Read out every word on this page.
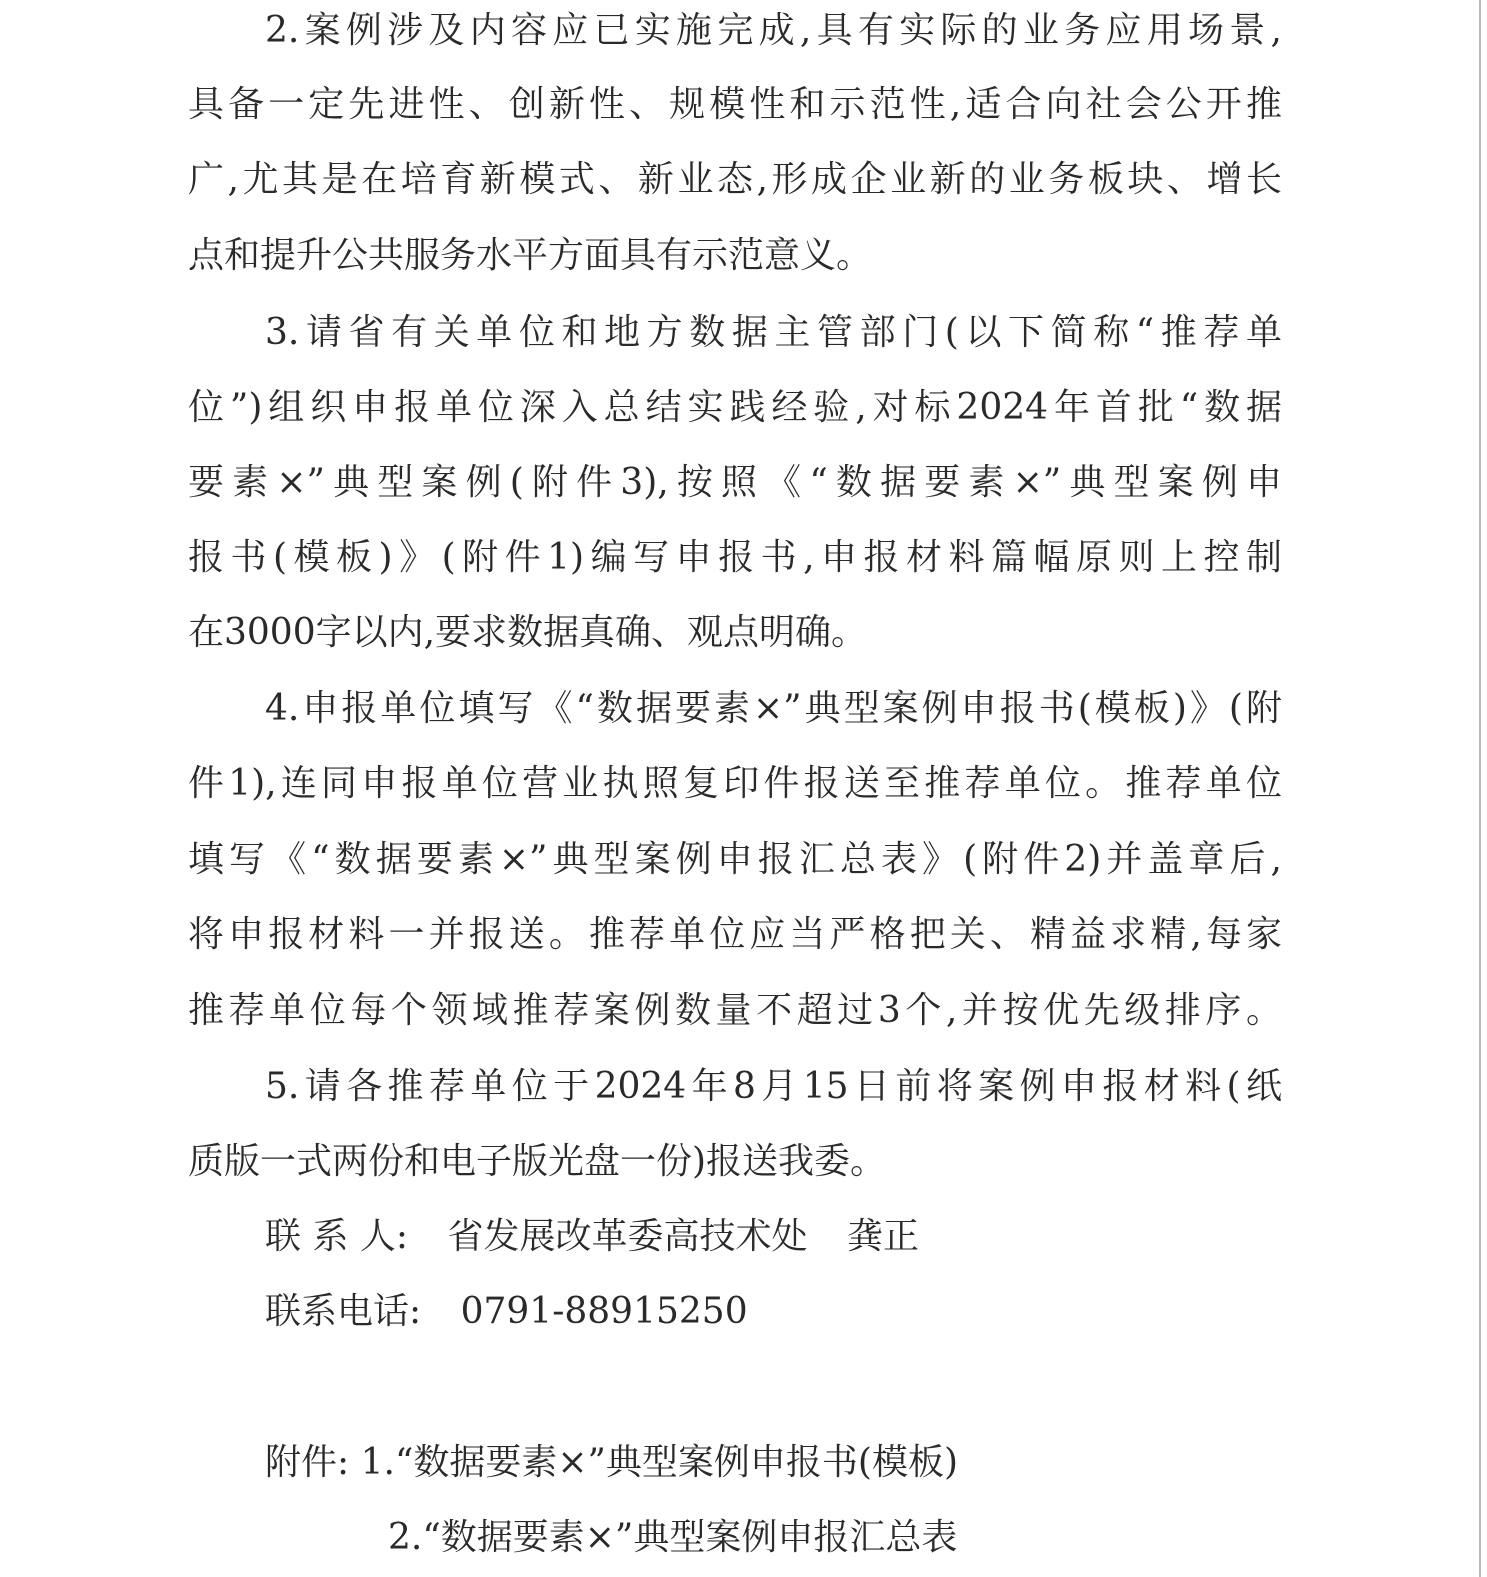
2.案例涉及内容应已实施完成,具有实际的业务应用场景,
具备一定先进性、创新性、规模性和示范性,适合向社会公开推
广,尤其是在培育新模式、新业态,形成企业新的业务板块、增长
点和提升公共服务水平方面具有示范意义。
3.请省有关单位和地方数据主管部门(以下简称“推荐单
位”)组织申报单位深入总结实践经验,对标2024年首批“数据
要素×”典型案例(附件3),按照《“数据要素×”典型案例申
报书(模板)》(附件1)编写申报书,申报材料篇幅原则上控制
在3000字以内,要求数据真确、观点明确。
4.申报单位填写《“数据要素×”典型案例申报书(模板)》(附
件1),连同申报单位营业执照复印件报送至推荐单位。推荐单位
填写《“数据要素×”典型案例申报汇总表》(附件2)并盖章后,
将申报材料一并报送。推荐单位应当严格把关、精益求精,每家
推荐单位每个领域推荐案例数量不超过3个,并按优先级排序。
5.请各推荐单位于2024年8月15日前将案例申报材料(纸
质版一式两份和电子版光盘一份)报送我委。
联 系 人: 省发展改革委高技术处 龚正
联系电话: 0791-88915250
附件: 1.“数据要素×”典型案例申报书(模板)
2.“数据要素×”典型案例申报汇总表
